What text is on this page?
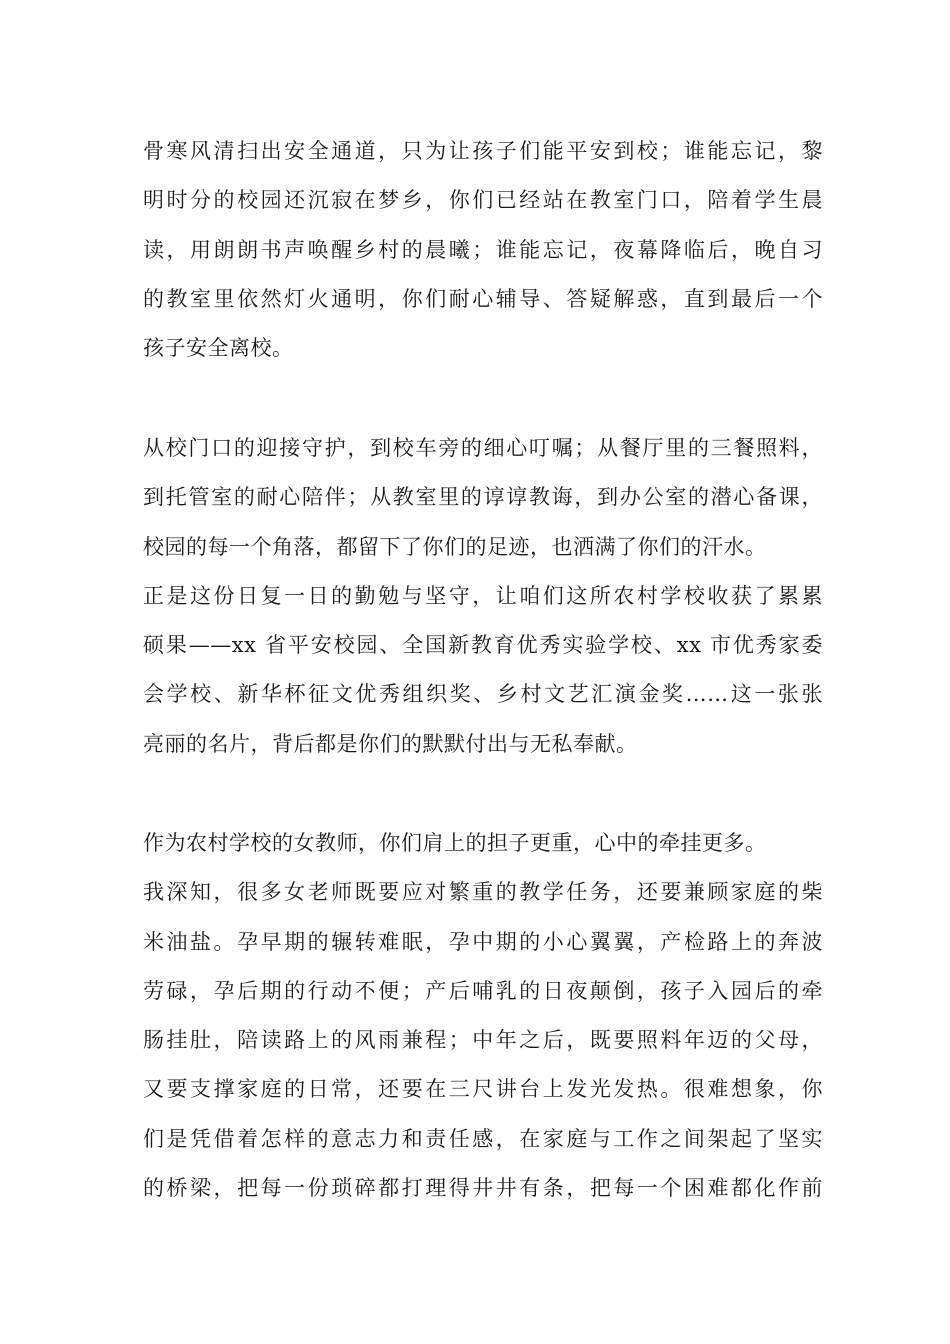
骨寒风清扫出安全通道，只为让孩子们能平安到校；谁能忘记，黎
明时分的校园还沉寂在梦乡，你们已经站在教室门口，陪着学生晨
读，用朗朗书声唤醒乡村的晨曦；谁能忘记，夜幕降临后，晚自习
的教室里依然灯火通明，你们耐心辅导、答疑解惑，直到最后一个
孩子安全离校。

从校门口的迎接守护，到校车旁的细心叮嘱；从餐厅里的三餐照料，
到托管室的耐心陪伴；从教室里的谆谆教诲，到办公室的潜心备课，
校园的每一个角落，都留下了你们的足迹，也洒满了你们的汗水。
正是这份日复一日的勤勉与坚守，让咱们这所农村学校收获了累累
硕果——xx 省平安校园、全国新教育优秀实验学校、xx 市优秀家委
会学校、新华杯征文优秀组织奖、乡村文艺汇演金奖……这一张张
亮丽的名片，背后都是你们的默默付出与无私奉献。

作为农村学校的女教师，你们肩上的担子更重，心中的牵挂更多。
我深知，很多女老师既要应对繁重的教学任务，还要兼顾家庭的柴
米油盐。孕早期的辗转难眠，孕中期的小心翼翼，产检路上的奔波
劳碌，孕后期的行动不便；产后哺乳的日夜颠倒，孩子入园后的牵
肠挂肚，陪读路上的风雨兼程；中年之后，既要照料年迈的父母，
又要支撑家庭的日常，还要在三尺讲台上发光发热。很难想象，你
们是凭借着怎样的意志力和责任感，在家庭与工作之间架起了坚实
的桥梁，把每一份琐碎都打理得井井有条，把每一个困难都化作前
